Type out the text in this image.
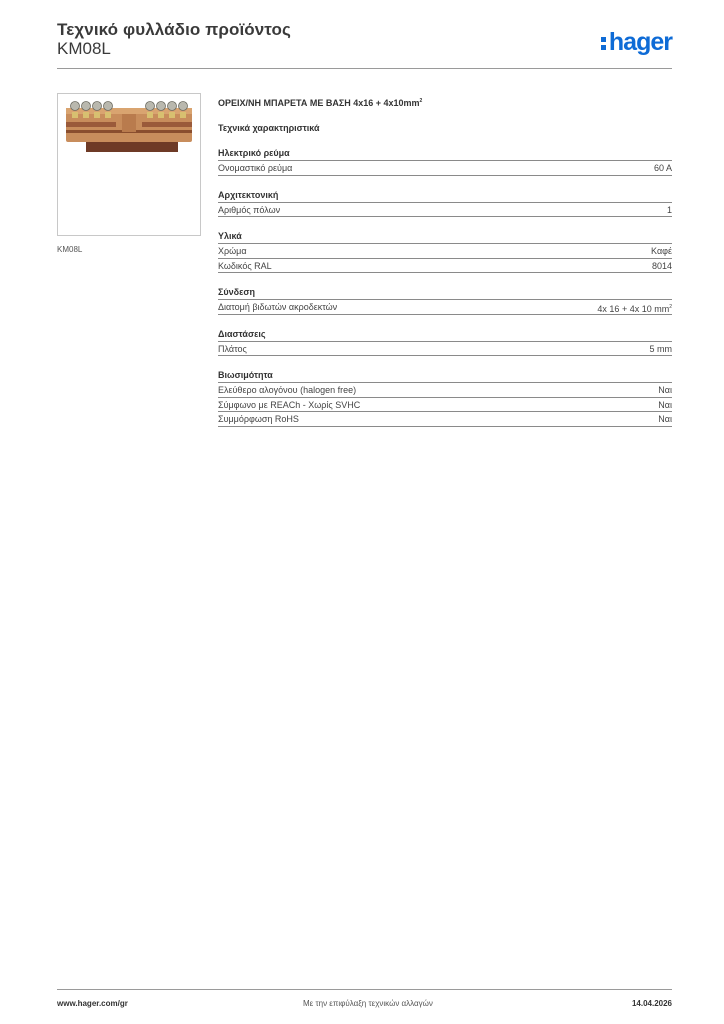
Τεχνικό φυλλάδιο προϊόντος
KM08L	hager
KM08L
ΟΡΕΙΧ/ΝΗ ΜΠΑΡΕΤΑ ΜΕ ΒΑΣΗ $4x16 + 4x10mm^2$
Τεχνικά χαρακτηριστικά
Ηλεκτρικό ρεύμα
Ονομαστικό ρεύμα	60 A
Αρχιτεκτονική
Αριθμός πόλων	1
Υλικά
Χρώμα	Καφέ
Κωδικός RAL	8014
Σύνδεση
Διατομή βιδωτών ακροδεκτών	4x 16 + 4x 10 $mm^2$
Διαστάσεις
Πλάτος	5 mm
Βιωσιμότητα
Ελεύθερο αλογόνου (halogen free)	Ναι
Σύμφωνο με REACh - Χωρίς SVHC	Ναι
Συμμόρφωση RoHS	Ναι
www.hager.com/gr	Με την επιφύλαξη τεχνικών αλλαγών	14.04.2026
